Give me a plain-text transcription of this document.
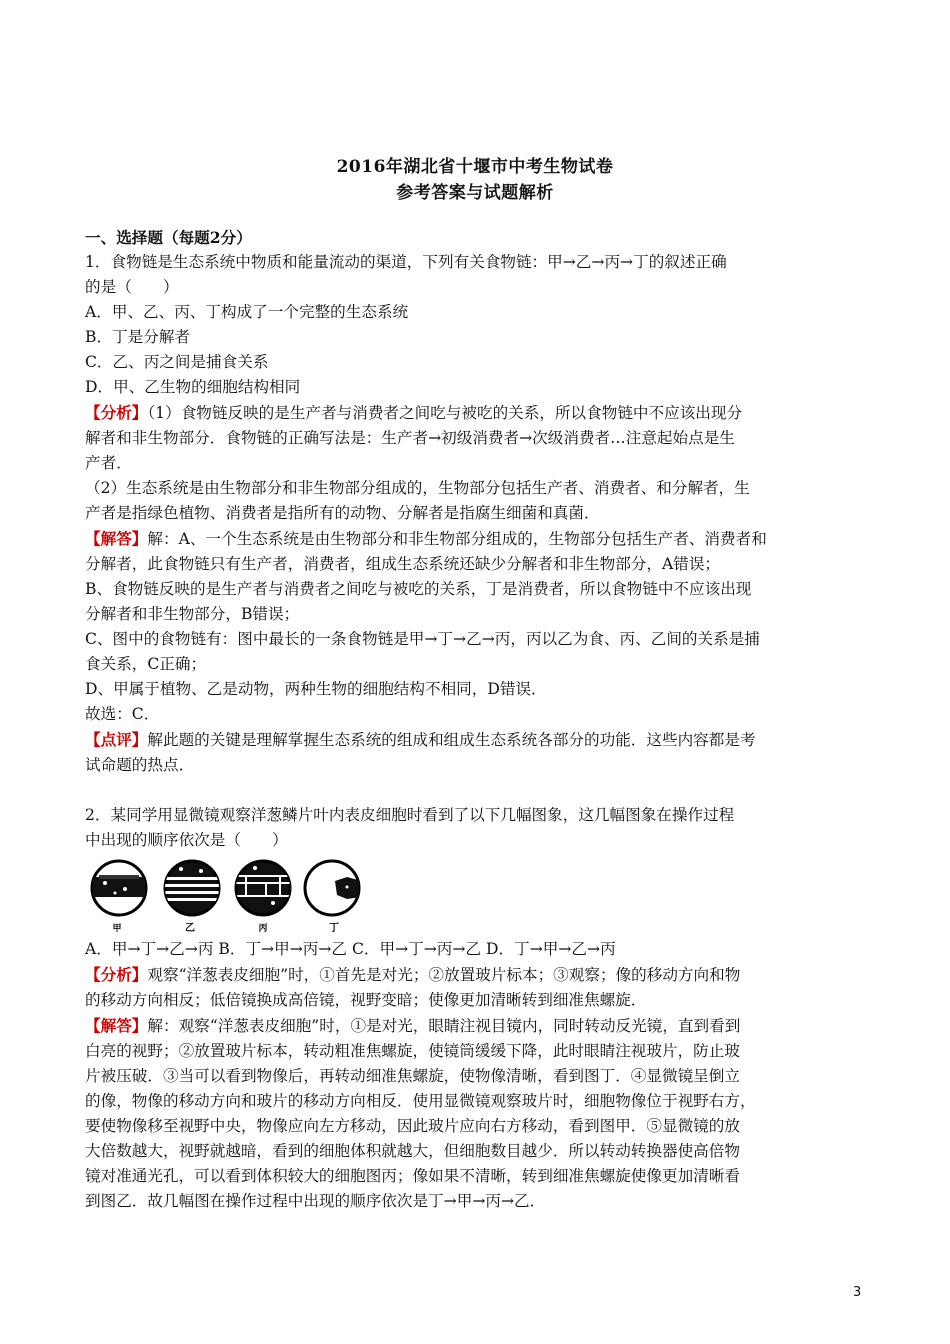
2016年湖北省十堰市中考生物试卷
参考答案与试题解析

一、选择题（每题2分）

1．食物链是生态系统中物质和能量流动的渠道，下列有关食物链：甲→乙→丙→丁的叙述正确

的是（　　）

A．甲、乙、丙、丁构成了一个完整的生态系统

B．丁是分解者

C．乙、丙之间是捕食关系

D．甲、乙生物的细胞结构相同

【分析】（1）食物链反映的是生产者与消费者之间吃与被吃的关系，所以食物链中不应该出现分

解者和非生物部分．食物链的正确写法是：生产者→初级消费者→次级消费者…注意起始点是生

产者．

（2）生态系统是由生物部分和非生物部分组成的，生物部分包括生产者、消费者、和分解者，生

产者是指绿色植物、消费者是指所有的动物、分解者是指腐生细菌和真菌．

【解答】解：A、一个生态系统是由生物部分和非生物部分组成的，生物部分包括生产者、消费者和

分解者，此食物链只有生产者，消费者，组成生态系统还缺少分解者和非生物部分，A错误；

B、食物链反映的是生产者与消费者之间吃与被吃的关系，丁是消费者，所以食物链中不应该出现

分解者和非生物部分，B错误；

C、图中的食物链有：图中最长的一条食物链是甲→丁→乙→丙，丙以乙为食、丙、乙间的关系是捕

食关系，C正确；

D、甲属于植物、乙是动物，两种生物的细胞结构不相同，D错误．

故选：C．

【点评】解此题的关键是理解掌握生态系统的组成和组成生态系统各部分的功能．这些内容都是考

试命题的热点．

2．某同学用显微镜观察洋葱鳞片叶内表皮细胞时看到了以下几幅图象，这几幅图象在操作过程

中出现的顺序依次是（　　）

甲	乙	丙	丁

A．甲→丁→乙→丙 B．丁→甲→丙→乙 C．甲→丁→丙→乙 D．丁→甲→乙→丙

【分析】观察“洋葱表皮细胞”时，①首先是对光；②放置玻片标本；③观察；像的移动方向和物

的移动方向相反；低倍镜换成高倍镜，视野变暗；使像更加清晰转到细准焦螺旋．

【解答】解：观察“洋葱表皮细胞”时，①是对光，眼睛注视目镜内，同时转动反光镜，直到看到

白亮的视野；②放置玻片标本，转动粗准焦螺旋，使镜筒缓缓下降，此时眼睛注视玻片，防止玻

片被压破．③当可以看到物像后，再转动细准焦螺旋，使物像清晰，看到图丁．④显微镜呈倒立

的像，物像的移动方向和玻片的移动方向相反．使用显微镜观察玻片时，细胞物像位于视野右方，

要使物像移至视野中央，物像应向左方移动，因此玻片应向右方移动，看到图甲．⑤显微镜的放

大倍数越大，视野就越暗，看到的细胞体积就越大，但细胞数目越少．所以转动转换器使高倍物

镜对准通光孔，可以看到体积较大的细胞图丙；像如果不清晰，转到细准焦螺旋使像更加清晰看

到图乙．故几幅图在操作过程中出现的顺序依次是丁→甲→丙→乙．

3
